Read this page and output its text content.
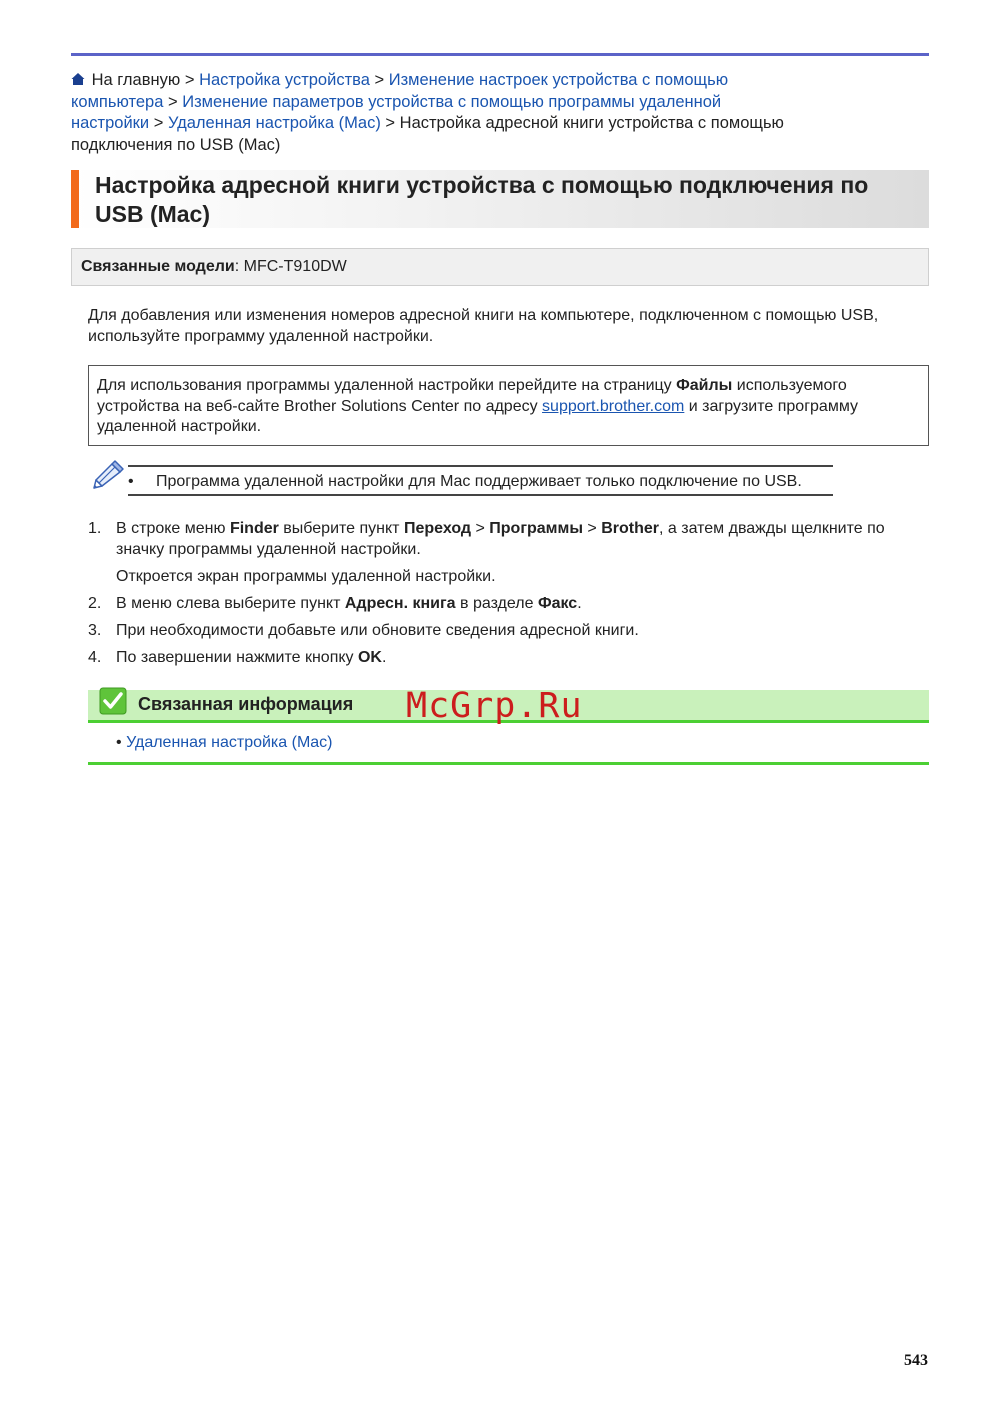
На главную > Настройка устройства > Изменение настроек устройства с помощью
компьютера > Изменение параметров устройства с помощью программы удаленной
настройки > Удаленная настройка (Mac) > Настройка адресной книги устройства с помощью
подключения по USB (Mac)
Настройка адресной книги устройства с помощью подключения по
USB (Mac)
Связанные модели: MFC-T910DW
Для добавления или изменения номеров адресной книги на компьютере, подключенном с помощью USB,
используйте программу удаленной настройки.
Для использования программы удаленной настройки перейдите на страницу Файлы используемого
устройства на веб-сайте Brother Solutions Center по адресу support.brother.com и загрузите программу
удаленной настройки.
• Программа удаленной настройки для Mac поддерживает только подключение по USB.
1. В строке меню Finder выберите пункт Переход > Программы > Brother, а затем дважды щелкните по
значку программы удаленной настройки.
Откроется экран программы удаленной настройки.
2. В меню слева выберите пункт Адресн. книга в разделе Факс.
3. При необходимости добавьте или обновите сведения адресной книги.
4. По завершении нажмите кнопку OK.
Связанная информация McGrp.Ru
• Удаленная настройка (Mac)
543
